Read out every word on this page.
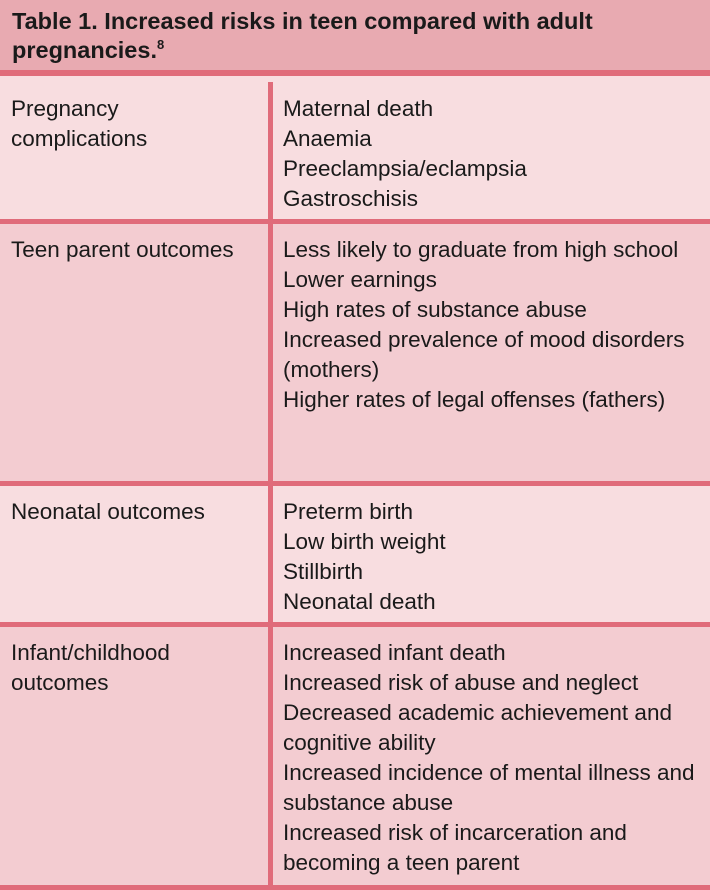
Table 1. Increased risks in teen compared with adult pregnancies.$^8$
Pregnancy
complications
Maternal death
Anaemia
Preeclampsia/eclampsia
Gastroschisis
Teen parent outcomes	Less likely to graduate from high school
Lower earnings
High rates of substance abuse
Increased prevalence of mood disorders (mothers)
Higher rates of legal offenses (fathers)
Neonatal outcomes	Preterm birth
Low birth weight
Stillbirth
Neonatal death
Infant/childhood
outcomes
Increased infant death
Increased risk of abuse and neglect
Decreased academic achievement and cognitive ability
Increased incidence of mental illness and substance abuse
Increased risk of incarceration and becoming a teen parent
